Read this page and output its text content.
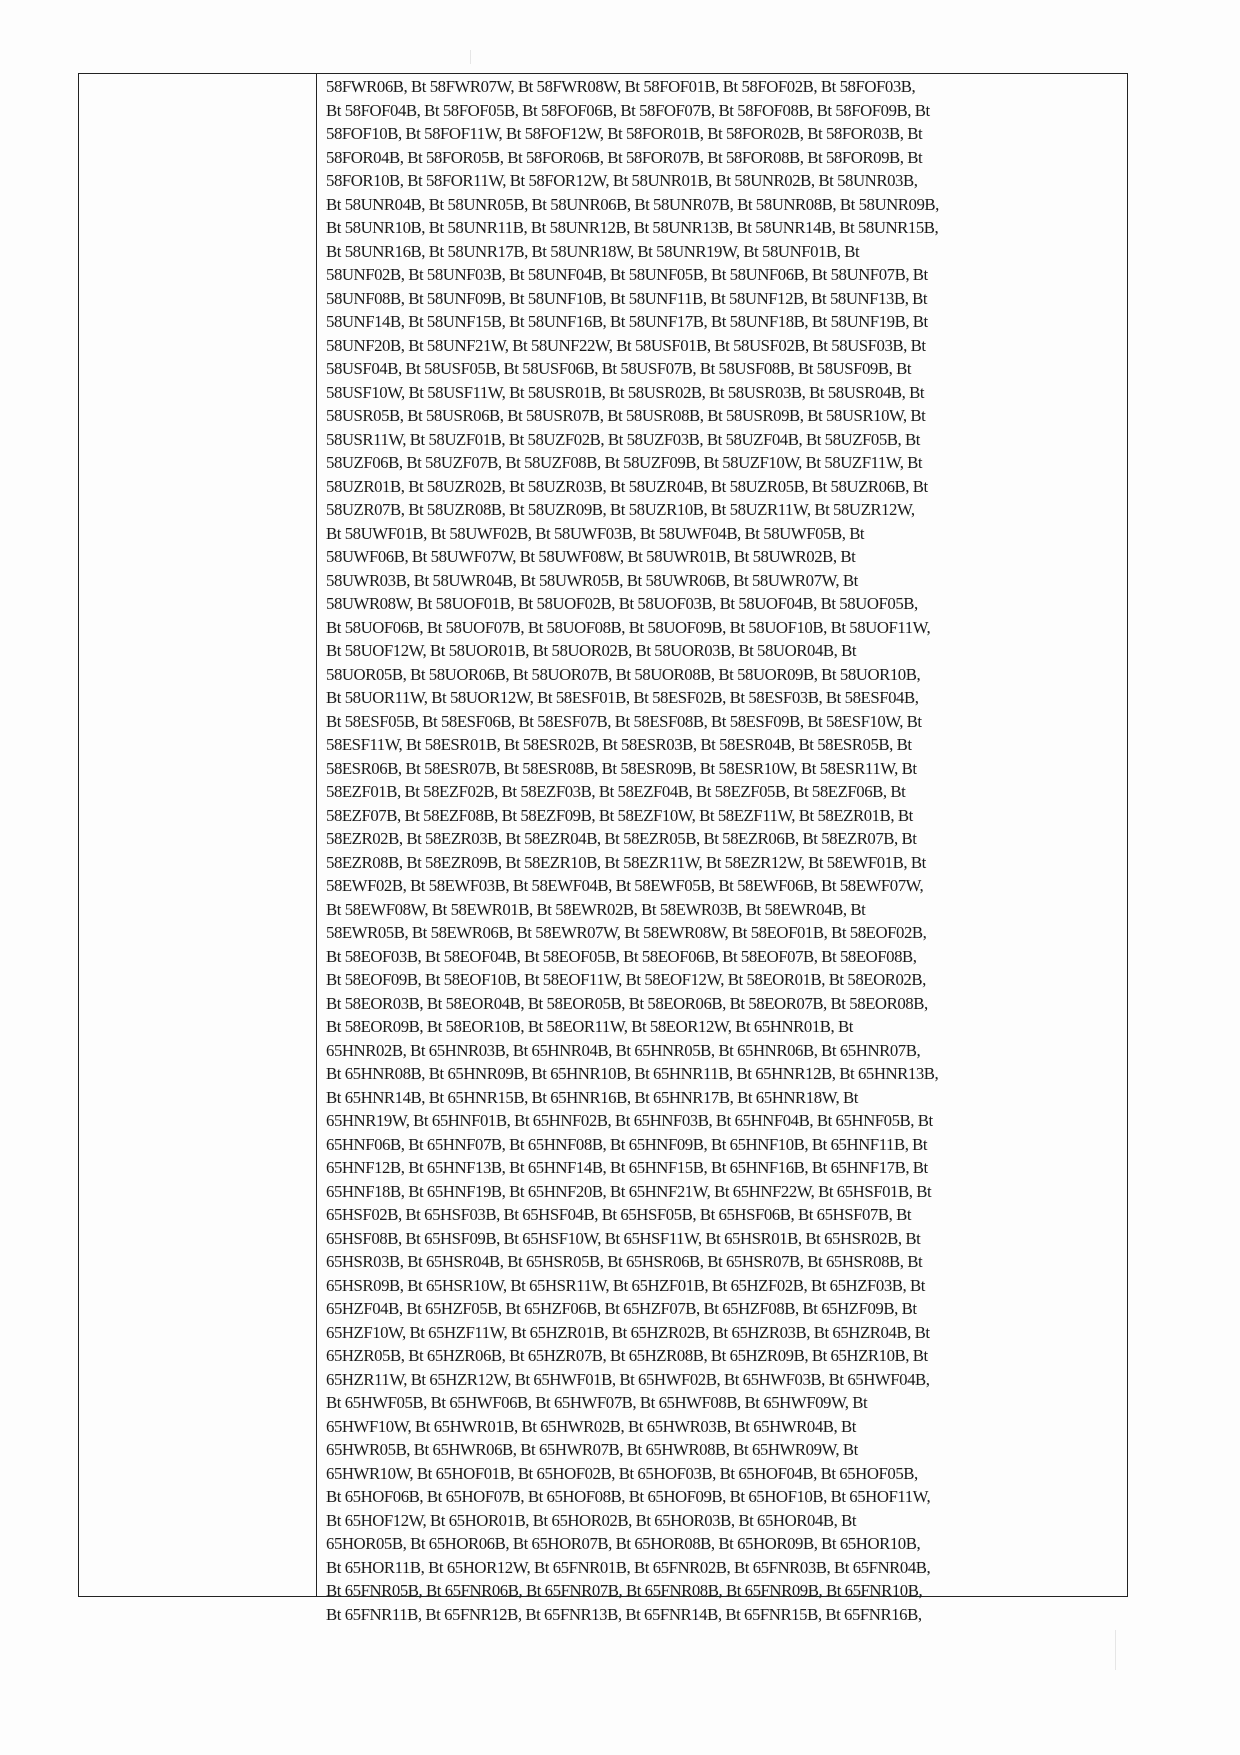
58FWR06B, Bt 58FWR07W, Bt 58FWR08W, Bt 58FOF01B, Bt 58FOF02B, Bt 58FOF03B,
Bt 58FOF04B, Bt 58FOF05B, Bt 58FOF06B, Bt 58FOF07B, Bt 58FOF08B, Bt 58FOF09B, Bt
58FOF10B, Bt 58FOF11W, Bt 58FOF12W, Bt 58FOR01B, Bt 58FOR02B, Bt 58FOR03B, Bt
58FOR04B, Bt 58FOR05B, Bt 58FOR06B, Bt 58FOR07B, Bt 58FOR08B, Bt 58FOR09B, Bt
58FOR10B, Bt 58FOR11W, Bt 58FOR12W, Bt 58UNR01B, Bt 58UNR02B, Bt 58UNR03B,
Bt 58UNR04B, Bt 58UNR05B, Bt 58UNR06B, Bt 58UNR07B, Bt 58UNR08B, Bt 58UNR09B,
Bt 58UNR10B, Bt 58UNR11B, Bt 58UNR12B, Bt 58UNR13B, Bt 58UNR14B, Bt 58UNR15B,
Bt 58UNR16B, Bt 58UNR17B, Bt 58UNR18W, Bt 58UNR19W, Bt 58UNF01B, Bt
58UNF02B, Bt 58UNF03B, Bt 58UNF04B, Bt 58UNF05B, Bt 58UNF06B, Bt 58UNF07B, Bt
58UNF08B, Bt 58UNF09B, Bt 58UNF10B, Bt 58UNF11B, Bt 58UNF12B, Bt 58UNF13B, Bt
58UNF14B, Bt 58UNF15B, Bt 58UNF16B, Bt 58UNF17B, Bt 58UNF18B, Bt 58UNF19B, Bt
58UNF20B, Bt 58UNF21W, Bt 58UNF22W, Bt 58USF01B, Bt 58USF02B, Bt 58USF03B, Bt
58USF04B, Bt 58USF05B, Bt 58USF06B, Bt 58USF07B, Bt 58USF08B, Bt 58USF09B, Bt
58USF10W, Bt 58USF11W, Bt 58USR01B, Bt 58USR02B, Bt 58USR03B, Bt 58USR04B, Bt
58USR05B, Bt 58USR06B, Bt 58USR07B, Bt 58USR08B, Bt 58USR09B, Bt 58USR10W, Bt
58USR11W, Bt 58UZF01B, Bt 58UZF02B, Bt 58UZF03B, Bt 58UZF04B, Bt 58UZF05B, Bt
58UZF06B, Bt 58UZF07B, Bt 58UZF08B, Bt 58UZF09B, Bt 58UZF10W, Bt 58UZF11W, Bt
58UZR01B, Bt 58UZR02B, Bt 58UZR03B, Bt 58UZR04B, Bt 58UZR05B, Bt 58UZR06B, Bt
58UZR07B, Bt 58UZR08B, Bt 58UZR09B, Bt 58UZR10B, Bt 58UZR11W, Bt 58UZR12W,
Bt 58UWF01B, Bt 58UWF02B, Bt 58UWF03B, Bt 58UWF04B, Bt 58UWF05B, Bt
58UWF06B, Bt 58UWF07W, Bt 58UWF08W, Bt 58UWR01B, Bt 58UWR02B, Bt
58UWR03B, Bt 58UWR04B, Bt 58UWR05B, Bt 58UWR06B, Bt 58UWR07W, Bt
58UWR08W, Bt 58UOF01B, Bt 58UOF02B, Bt 58UOF03B, Bt 58UOF04B, Bt 58UOF05B,
Bt 58UOF06B, Bt 58UOF07B, Bt 58UOF08B, Bt 58UOF09B, Bt 58UOF10B, Bt 58UOF11W,
Bt 58UOF12W, Bt 58UOR01B, Bt 58UOR02B, Bt 58UOR03B, Bt 58UOR04B, Bt
58UOR05B, Bt 58UOR06B, Bt 58UOR07B, Bt 58UOR08B, Bt 58UOR09B, Bt 58UOR10B,
Bt 58UOR11W, Bt 58UOR12W, Bt 58ESF01B, Bt 58ESF02B, Bt 58ESF03B, Bt 58ESF04B,
Bt 58ESF05B, Bt 58ESF06B, Bt 58ESF07B, Bt 58ESF08B, Bt 58ESF09B, Bt 58ESF10W, Bt
58ESF11W, Bt 58ESR01B, Bt 58ESR02B, Bt 58ESR03B, Bt 58ESR04B, Bt 58ESR05B, Bt
58ESR06B, Bt 58ESR07B, Bt 58ESR08B, Bt 58ESR09B, Bt 58ESR10W, Bt 58ESR11W, Bt
58EZF01B, Bt 58EZF02B, Bt 58EZF03B, Bt 58EZF04B, Bt 58EZF05B, Bt 58EZF06B, Bt
58EZF07B, Bt 58EZF08B, Bt 58EZF09B, Bt 58EZF10W, Bt 58EZF11W, Bt 58EZR01B, Bt
58EZR02B, Bt 58EZR03B, Bt 58EZR04B, Bt 58EZR05B, Bt 58EZR06B, Bt 58EZR07B, Bt
58EZR08B, Bt 58EZR09B, Bt 58EZR10B, Bt 58EZR11W, Bt 58EZR12W, Bt 58EWF01B, Bt
58EWF02B, Bt 58EWF03B, Bt 58EWF04B, Bt 58EWF05B, Bt 58EWF06B, Bt 58EWF07W,
Bt 58EWF08W, Bt 58EWR01B, Bt 58EWR02B, Bt 58EWR03B, Bt 58EWR04B, Bt
58EWR05B, Bt 58EWR06B, Bt 58EWR07W, Bt 58EWR08W, Bt 58EOF01B, Bt 58EOF02B,
Bt 58EOF03B, Bt 58EOF04B, Bt 58EOF05B, Bt 58EOF06B, Bt 58EOF07B, Bt 58EOF08B,
Bt 58EOF09B, Bt 58EOF10B, Bt 58EOF11W, Bt 58EOF12W, Bt 58EOR01B, Bt 58EOR02B,
Bt 58EOR03B, Bt 58EOR04B, Bt 58EOR05B, Bt 58EOR06B, Bt 58EOR07B, Bt 58EOR08B,
Bt 58EOR09B, Bt 58EOR10B, Bt 58EOR11W, Bt 58EOR12W, Bt 65HNR01B, Bt
65HNR02B, Bt 65HNR03B, Bt 65HNR04B, Bt 65HNR05B, Bt 65HNR06B, Bt 65HNR07B,
Bt 65HNR08B, Bt 65HNR09B, Bt 65HNR10B, Bt 65HNR11B, Bt 65HNR12B, Bt 65HNR13B,
Bt 65HNR14B, Bt 65HNR15B, Bt 65HNR16B, Bt 65HNR17B, Bt 65HNR18W, Bt
65HNR19W, Bt 65HNF01B, Bt 65HNF02B, Bt 65HNF03B, Bt 65HNF04B, Bt 65HNF05B, Bt
65HNF06B, Bt 65HNF07B, Bt 65HNF08B, Bt 65HNF09B, Bt 65HNF10B, Bt 65HNF11B, Bt
65HNF12B, Bt 65HNF13B, Bt 65HNF14B, Bt 65HNF15B, Bt 65HNF16B, Bt 65HNF17B, Bt
65HNF18B, Bt 65HNF19B, Bt 65HNF20B, Bt 65HNF21W, Bt 65HNF22W, Bt 65HSF01B, Bt
65HSF02B, Bt 65HSF03B, Bt 65HSF04B, Bt 65HSF05B, Bt 65HSF06B, Bt 65HSF07B, Bt
65HSF08B, Bt 65HSF09B, Bt 65HSF10W, Bt 65HSF11W, Bt 65HSR01B, Bt 65HSR02B, Bt
65HSR03B, Bt 65HSR04B, Bt 65HSR05B, Bt 65HSR06B, Bt 65HSR07B, Bt 65HSR08B, Bt
65HSR09B, Bt 65HSR10W, Bt 65HSR11W, Bt 65HZF01B, Bt 65HZF02B, Bt 65HZF03B, Bt
65HZF04B, Bt 65HZF05B, Bt 65HZF06B, Bt 65HZF07B, Bt 65HZF08B, Bt 65HZF09B, Bt
65HZF10W, Bt 65HZF11W, Bt 65HZR01B, Bt 65HZR02B, Bt 65HZR03B, Bt 65HZR04B, Bt
65HZR05B, Bt 65HZR06B, Bt 65HZR07B, Bt 65HZR08B, Bt 65HZR09B, Bt 65HZR10B, Bt
65HZR11W, Bt 65HZR12W, Bt 65HWF01B, Bt 65HWF02B, Bt 65HWF03B, Bt 65HWF04B,
Bt 65HWF05B, Bt 65HWF06B, Bt 65HWF07B, Bt 65HWF08B, Bt 65HWF09W, Bt
65HWF10W, Bt 65HWR01B, Bt 65HWR02B, Bt 65HWR03B, Bt 65HWR04B, Bt
65HWR05B, Bt 65HWR06B, Bt 65HWR07B, Bt 65HWR08B, Bt 65HWR09W, Bt
65HWR10W, Bt 65HOF01B, Bt 65HOF02B, Bt 65HOF03B, Bt 65HOF04B, Bt 65HOF05B,
Bt 65HOF06B, Bt 65HOF07B, Bt 65HOF08B, Bt 65HOF09B, Bt 65HOF10B, Bt 65HOF11W,
Bt 65HOF12W, Bt 65HOR01B, Bt 65HOR02B, Bt 65HOR03B, Bt 65HOR04B, Bt
65HOR05B, Bt 65HOR06B, Bt 65HOR07B, Bt 65HOR08B, Bt 65HOR09B, Bt 65HOR10B,
Bt 65HOR11B, Bt 65HOR12W, Bt 65FNR01B, Bt 65FNR02B, Bt 65FNR03B, Bt 65FNR04B,
Bt 65FNR05B, Bt 65FNR06B, Bt 65FNR07B, Bt 65FNR08B, Bt 65FNR09B, Bt 65FNR10B,
Bt 65FNR11B, Bt 65FNR12B, Bt 65FNR13B, Bt 65FNR14B, Bt 65FNR15B, Bt 65FNR16B,
